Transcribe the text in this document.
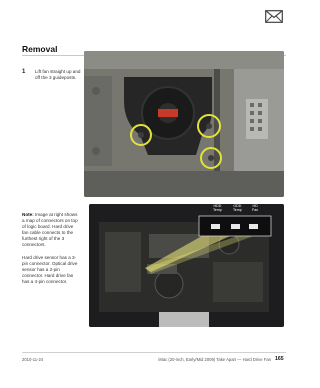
Removal
1 Lift fan straight up and off the 3 guideposts.

Note: Image at right shows a map of connectors on top of logic board. Hard drive fan cable connects to the furthest right of the 3 connectors.

Hard drive sensor has a 3-pin connector. Optical drive sensor has a 2-pin connector. Hard drive fan has a 4-pin connector.

HDD
Temp
ODD
Temp
HD
Fan
2010-11-24	iMac (20-inch, Early/Mid 2009) Take Apart — Hard Drive Fan 165
